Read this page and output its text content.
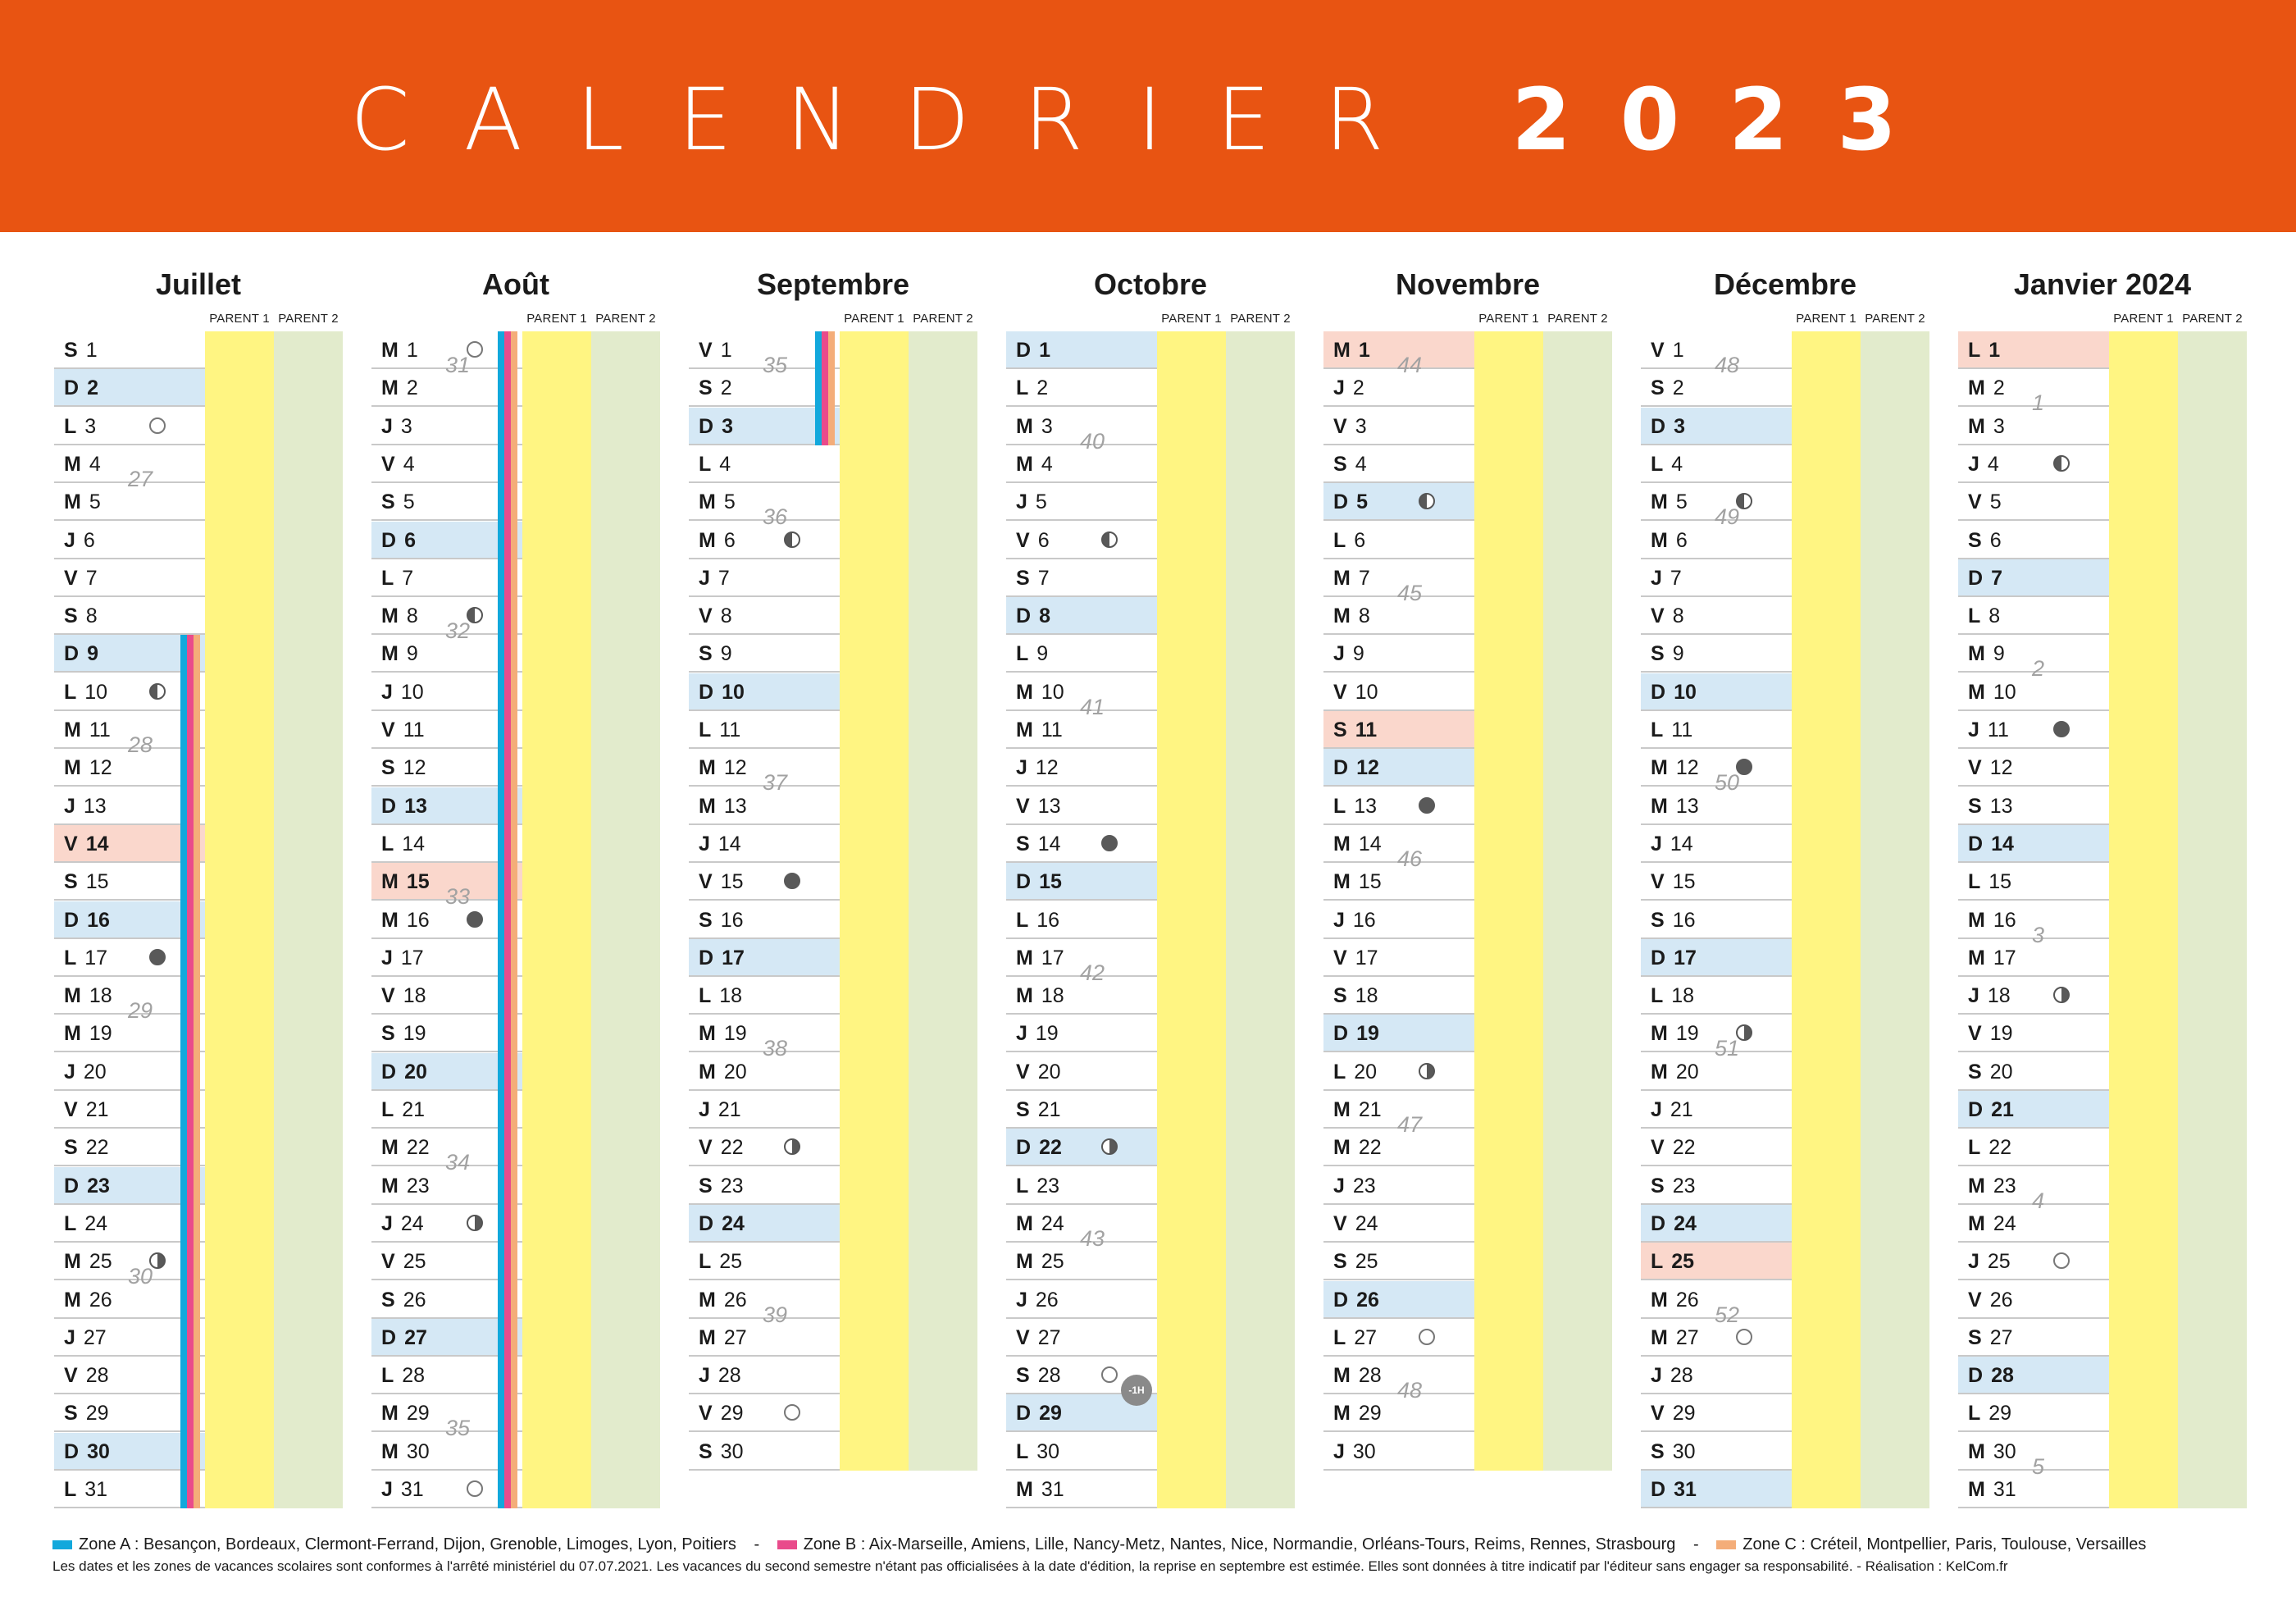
CALENDRIER 2023
Juillet
PARENT 1 PARENT 2
S 1
D 2
L 3
M 4
M 5
J 6
V 7
S 8
D 9
L 10
M 11
M 12
J 13
V 14
S 15
D 16
L 17
M 18
M 19
J 20
V 21
S 22
D 23
L 24
M 25
M 26
J 27
V 28
S 29
D 30
L 31
27
28
29
30
Août
PARENT 1 PARENT 2
M 1
M 2
J 3
V 4
S 5
D 6
L 7
M 8
M 9
J 10
V 11
S 12
D 13
L 14
M 15
M 16
J 17
V 18
S 19
D 20
L 21
M 22
M 23
J 24
V 25
S 26
D 27
L 28
M 29
M 30
J 31
31
32
33
34
35
Septembre
PARENT 1 PARENT 2
V 1
S 2
D 3
L 4
M 5
M 6
J 7
V 8
S 9
D 10
L 11
M 12
M 13
J 14
V 15
S 16
D 17
L 18
M 19
M 20
J 21
V 22
S 23
D 24
L 25
M 26
M 27
J 28
V 29
S 30
35
36
37
38
39
Octobre
PARENT 1 PARENT 2
D 1
L 2
M 3
M 4
J 5
V 6
S 7
D 8
L 9
M 10
M 11
J 12
V 13
S 14
D 15
L 16
M 17
M 18
J 19
V 20
S 21
D 22
L 23
M 24
M 25
J 26
V 27
S 28
D 29
L 30
M 31
40
41
42
43
-1H
Novembre
PARENT 1 PARENT 2
M 1
J 2
V 3
S 4
D 5
L 6
M 7
M 8
J 9
V 10
S 11
D 12
L 13
M 14
M 15
J 16
V 17
S 18
D 19
L 20
M 21
M 22
J 23
V 24
S 25
D 26
L 27
M 28
M 29
J 30
44
45
46
47
48
Décembre
PARENT 1 PARENT 2
V 1
S 2
D 3
L 4
M 5
M 6
J 7
V 8
S 9
D 10
L 11
M 12
M 13
J 14
V 15
S 16
D 17
L 18
M 19
M 20
J 21
V 22
S 23
D 24
L 25
M 26
M 27
J 28
V 29
S 30
D 31
48
49
50
51
52
Janvier 2024
PARENT 1 PARENT 2
L 1
M 2
M 3
J 4
V 5
S 6
D 7
L 8
M 9
M 10
J 11
V 12
S 13
D 14
L 15
M 16
M 17
J 18
V 19
S 20
D 21
L 22
M 23
M 24
J 25
V 26
S 27
D 28
L 29
M 30
M 31
1
2
3
4
5
Zone A : Besançon, Bordeaux, Clermont-Ferrand, Dijon, Grenoble, Limoges, Lyon, Poitiers -	Zone B : Aix-Marseille, Amiens, Lille, Nancy-Metz, Nantes, Nice, Normandie, Orléans-Tours, Reims, Rennes, Strasbourg -	Zone C : Créteil, Montpellier, Paris, Toulouse, Versailles
Les dates et les zones de vacances scolaires sont conformes à l'arrêté ministériel du 07.07.2021. Les vacances du second semestre n'étant pas officialisées à la date d'édition, la reprise en septembre est estimée. Elles sont données à titre indicatif par l'éditeur sans engager sa responsabilité. - Réalisation : KelCom.fr
